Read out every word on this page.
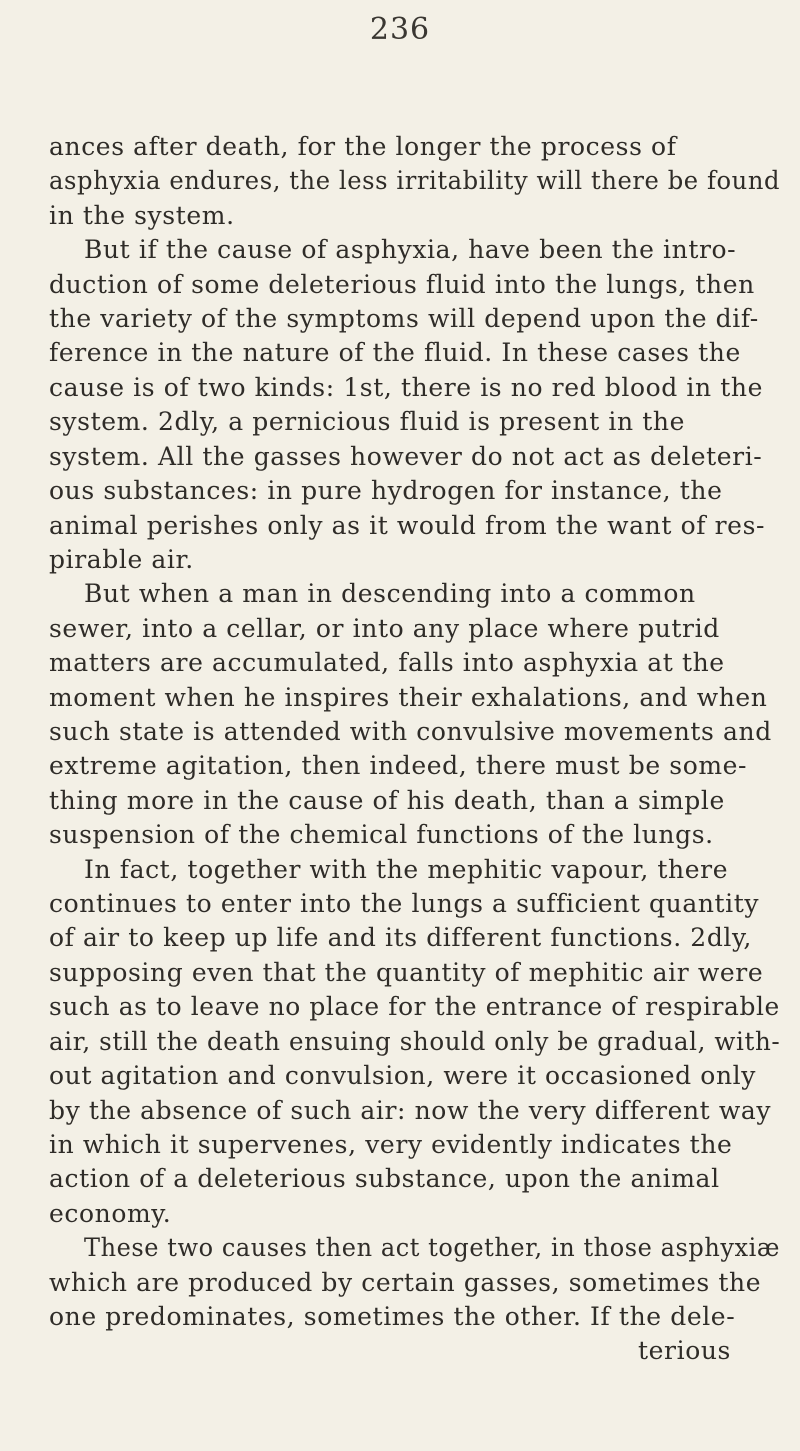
236
ances after death, for the longer the process of
asphyxia endures, the less irritability will there be found
in the system.
But if the cause of asphyxia, have been the intro-
duction of some deleterious fluid into the lungs, then
the variety of the symptoms will depend upon the dif-
ference in the nature of the fluid. In these cases the
cause is of two kinds: 1st, there is no red blood in the
system. 2dly, a pernicious fluid is present in the
system. All the gasses however do not act as deleteri-
ous substances: in pure hydrogen for instance, the
animal perishes only as it would from the want of res-
pirable air.
But when a man in descending into a common
sewer, into a cellar, or into any place where putrid
matters are accumulated, falls into asphyxia at the
moment when he inspires their exhalations, and when
such state is attended with convulsive movements and
extreme agitation, then indeed, there must be some-
thing more in the cause of his death, than a simple
suspension of the chemical functions of the lungs.
In fact, together with the mephitic vapour, there
continues to enter into the lungs a sufficient quantity
of air to keep up life and its different functions. 2dly,
supposing even that the quantity of mephitic air were
such as to leave no place for the entrance of respirable
air, still the death ensuing should only be gradual, with-
out agitation and convulsion, were it occasioned only
by the absence of such air: now the very different way
in which it supervenes, very evidently indicates the
action of a deleterious substance, upon the animal
economy.
These two causes then act together, in those asphyxiæ
which are produced by certain gasses, sometimes the
one predominates, sometimes the other. If the dele-
terious
